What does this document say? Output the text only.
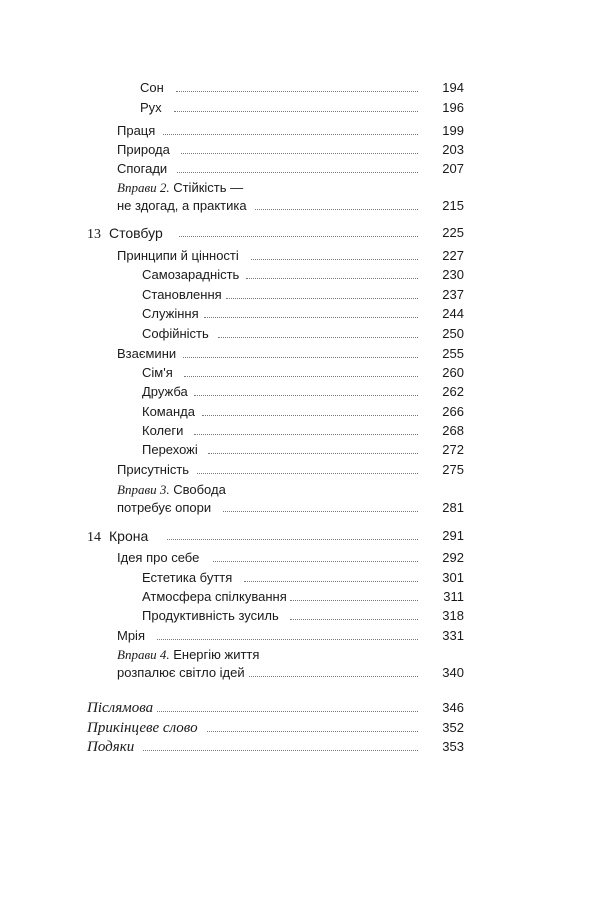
Сон	194
Рух	196
Праця	199
Природа	203
Спогади	207
Вправи 2. Стійкість —
не здогад, а практика	215
13 Стовбур	225
Принципи й цінності	227
Самозарадність	230
Становлення	237
Служіння	244
Софійність	250
Взаємини	255
Сім'я	260
Дружба	262
Команда	266
Колеги	268
Перехожі	272
Присутність	275
Вправи 3. Свобода
потребує опори	281
14 Крона	291
Ідея про себе	292
Естетика буття	301
Атмосфера спілкування	311
Продуктивність зусиль	318
Мрія	331
Вправи 4. Енергію життя
розпалює світло ідей	340
Післямова	346
Прикінцеве слово	352
Подяки	353
